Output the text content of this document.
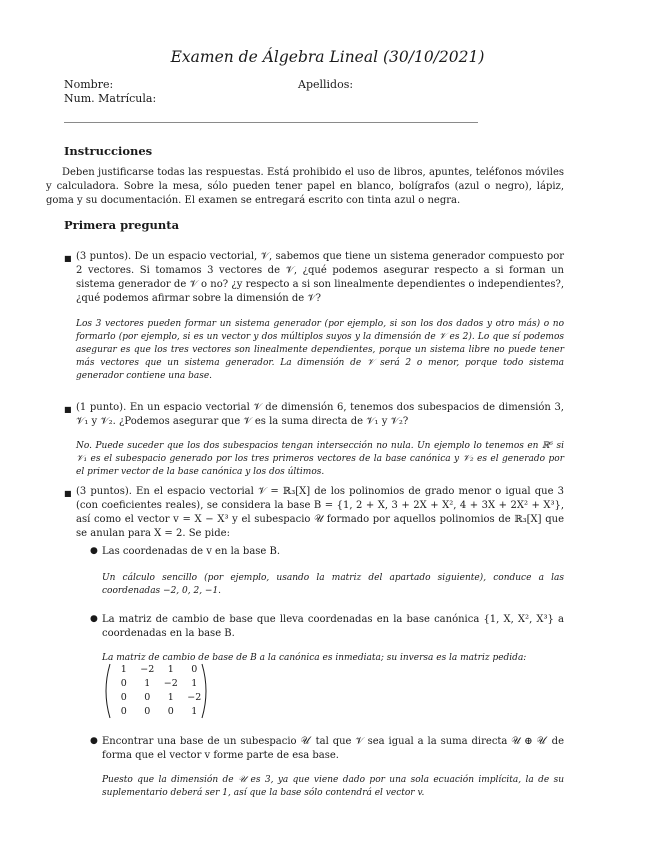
Examen de Álgebra Lineal (30/10/2021)
Nombre:	Apellidos:
Num. Matrícula:
Instrucciones
Deben justificarse todas las respuestas. Está prohibido el uso de libros, apuntes, teléfonos móviles y calculadora. Sobre la mesa, sólo pueden tener papel en blanco, bolígrafos (azul o negro), lápiz, goma y su documentación. El examen se entregará escrito con tinta azul o negra.
Primera pregunta
■ (3 puntos). De un espacio vectorial, 𝒱, sabemos que tiene un sistema generador compuesto por 2 vectores. Si tomamos 3 vectores de 𝒱, ¿qué podemos asegurar respecto a si forman un sistema generador de 𝒱 o no? ¿y respecto a si son linealmente dependientes o independientes?, ¿qué podemos afirmar sobre la dimensión de 𝒱?
Los 3 vectores pueden formar un sistema generador (por ejemplo, si son los dos dados y otro más) o no formarlo (por ejemplo, si es un vector y dos múltiplos suyos y la dimensión de 𝒱 es 2). Lo que sí podemos asegurar es que los tres vectores son linealmente dependientes, porque un sistema libre no puede tener más vectores que un sistema generador. La dimensión de 𝒱 será 2 o menor, porque todo sistema generador contiene una base.
■ (1 punto). En un espacio vectorial 𝒱 de dimensión 6, tenemos dos subespacios de dimensión 3, 𝒱₁ y 𝒱₂. ¿Podemos asegurar que 𝒱 es la suma directa de 𝒱₁ y 𝒱₂?
No. Puede suceder que los dos subespacios tengan intersección no nula. Un ejemplo lo tenemos en ℝ⁶ si 𝒱₁ es el subespacio generado por los tres primeros vectores de la base canónica y 𝒱₂ es el generado por el primer vector de la base canónica y los dos últimos.
■ (3 puntos). En el espacio vectorial 𝒱 = ℝ₃[X] de los polinomios de grado menor o igual que 3 (con coeficientes reales), se considera la base B = {1, 2 + X, 3 + 2X + X², 4 + 3X + 2X² + X³}, así como el vector v = X − X³ y el subespacio 𝒰 formado por aquellos polinomios de ℝ₃[X] que se anulan para X = 2. Se pide:
● Las coordenadas de v en la base B.
Un cálculo sencillo (por ejemplo, usando la matriz del apartado siguiente), conduce a las coordenadas −2, 0, 2, −1.
● La matriz de cambio de base que lleva coordenadas en la base canónica {1, X, X², X³} a coordenadas en la base B.
La matriz de cambio de base de B a la canónica es inmediata; su inversa es la matriz pedida:
1	−2	1	0
0	1	−2	1
0	0	1	−2
0	0	0	1
● Encontrar una base de un subespacio 𝒰′ tal que 𝒱 sea igual a la suma directa 𝒰 ⊕ 𝒰′ de forma que el vector v forme parte de esa base.
Puesto que la dimensión de 𝒰 es 3, ya que viene dado por una sola ecuación implícita, la de su suplementario deberá ser 1, así que la base sólo contendrá el vector v.
